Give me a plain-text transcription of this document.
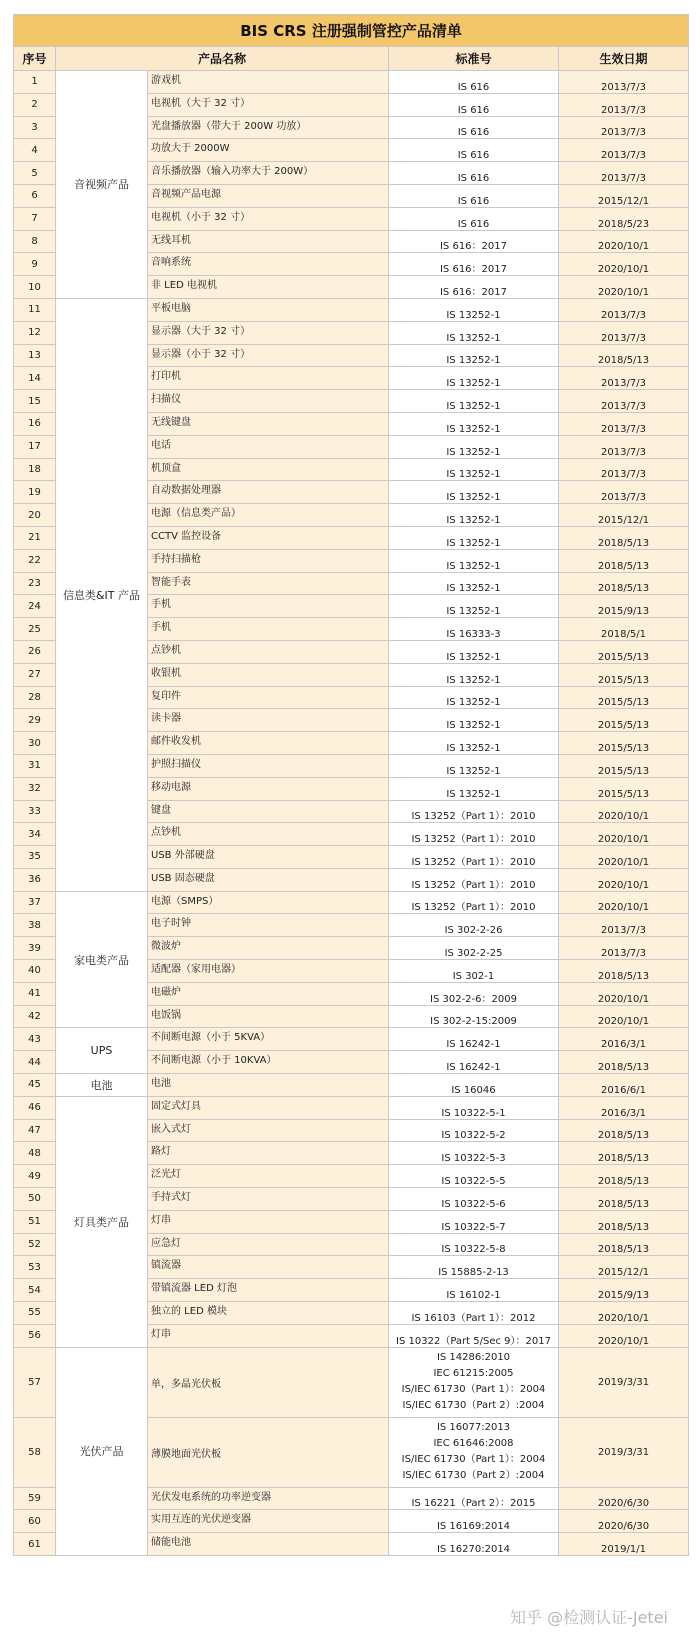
BIS CRS 注册强制管控产品清单				
序号	产品名称		标准号	生效日期
1	音视频产品	游戏机	IS 616	2013/7/3
2		电视机（大于 32 寸）	IS 616	2013/7/3
3		光盘播放器（带大于 200W 功放）	IS 616	2013/7/3
4		功放大于 2000W	IS 616	2013/7/3
5		音乐播放器（输入功率大于 200W）	IS 616	2013/7/3
6		音视频产品电源	IS 616	2015/12/1
7		电视机（小于 32 寸）	IS 616	2018/5/23
8		无线耳机	IS 616：2017	2020/10/1
9		音响系统	IS 616：2017	2020/10/1
10		非 LED 电视机	IS 616：2017	2020/10/1
11	信息类&IT 产品	平板电脑	IS 13252-1	2013/7/3
12		显示器（大于 32 寸）	IS 13252-1	2013/7/3
13		显示器（小于 32 寸）	IS 13252-1	2018/5/13
14		打印机	IS 13252-1	2013/7/3
15		扫描仪	IS 13252-1	2013/7/3
16		无线键盘	IS 13252-1	2013/7/3
17		电话	IS 13252-1	2013/7/3
18		机顶盒	IS 13252-1	2013/7/3
19		自动数据处理器	IS 13252-1	2013/7/3
20		电源（信息类产品）	IS 13252-1	2015/12/1
21		CCTV 监控设备	IS 13252-1	2018/5/13
22		手持扫描枪	IS 13252-1	2018/5/13
23		智能手表	IS 13252-1	2018/5/13
24		手机	IS 13252-1	2015/9/13
25		手机	IS 16333-3	2018/5/1
26		点钞机	IS 13252-1	2015/5/13
27		收银机	IS 13252-1	2015/5/13
28		复印件	IS 13252-1	2015/5/13
29		读卡器	IS 13252-1	2015/5/13
30		邮件收发机	IS 13252-1	2015/5/13
31		护照扫描仪	IS 13252-1	2015/5/13
32		移动电源	IS 13252-1	2015/5/13
33		键盘	IS 13252（Part 1）：2010	2020/10/1
34		点钞机	IS 13252（Part 1）：2010	2020/10/1
35		USB 外部硬盘	IS 13252（Part 1）：2010	2020/10/1
36		USB 固态硬盘	IS 13252（Part 1）：2010	2020/10/1
37	家电类产品	电源（SMPS）	IS 13252（Part 1）：2010	2020/10/1
38		电子时钟	IS 302-2-26	2013/7/3
39		微波炉	IS 302-2-25	2013/7/3
40		适配器（家用电器）	IS 302-1	2018/5/13
41		电磁炉	IS 302-2-6：2009	2020/10/1
42		电饭锅	IS 302-2-15:2009	2020/10/1
43	UPS	不间断电源（小于 5KVA）	IS 16242-1	2016/3/1
44		不间断电源（小于 10KVA）	IS 16242-1	2018/5/13
45	电池	电池	IS 16046	2016/6/1
46	灯具类产品	固定式灯具	IS 10322-5-1	2016/3/1
47		嵌入式灯	IS 10322-5-2	2018/5/13
48		路灯	IS 10322-5-3	2018/5/13
49		泛光灯	IS 10322-5-5	2018/5/13
50		手持式灯	IS 10322-5-6	2018/5/13
51		灯串	IS 10322-5-7	2018/5/13
52		应急灯	IS 10322-5-8	2018/5/13
53		镇流器	IS 15885-2-13	2015/12/1
54		带镇流器 LED 灯泡	IS 16102-1	2015/9/13
55		独立的 LED 模块	IS 16103（Part 1）：2012	2020/10/1
56		灯串	IS 10322（Part 5/Sec 9）：2017	2020/10/1
57	光伏产品	单，多晶光伏板	IS 14286:2010
IEC 61215:2005
IS/IEC 61730（Part 1）：2004
IS/IEC 61730（Part 2）:2004	2019/3/31
58		薄膜地面光伏板	IS 16077:2013
IEC 61646:2008
IS/IEC 61730（Part 1）：2004
IS/IEC 61730（Part 2）:2004	2019/3/31
59		光伏发电系统的功率逆变器	IS 16221（Part 2）：2015	2020/6/30
60		实用互连的光伏逆变器	IS 16169:2014	2020/6/30
61		储能电池	IS 16270:2014	2019/1/1
知乎 @检测认证-Jetei
